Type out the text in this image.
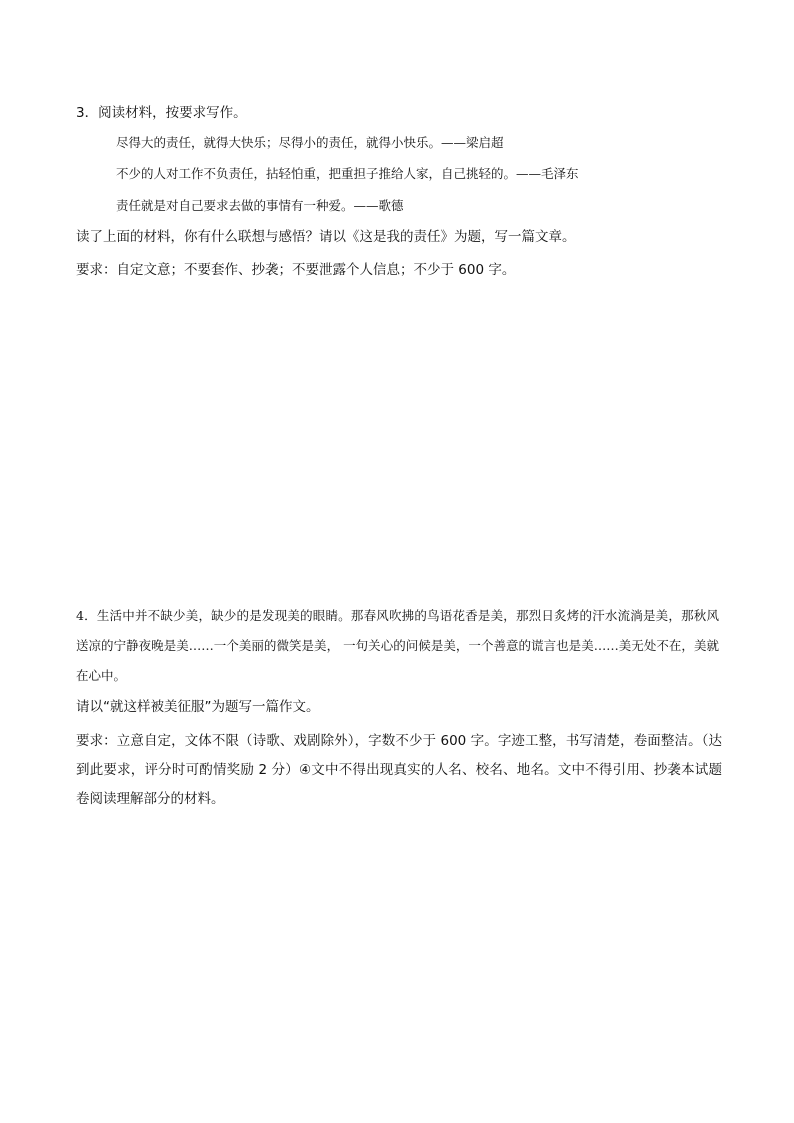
3．阅读材料，按要求写作。
尽得大的责任，就得大快乐；尽得小的责任，就得小快乐。——梁启超
不少的人对工作不负责任，拈轻怕重，把重担子推给人家，自己挑轻的。——毛泽东
责任就是对自己要求去做的事情有一种爱。——歌德
读了上面的材料，你有什么联想与感悟？请以《这是我的责任》为题，写一篇文章。
要求：自定文意；不要套作、抄袭；不要泄露个人信息；不少于 600 字。
4．生活中并不缺少美，缺少的是发现美的眼睛。那春风吹拂的鸟语花香是美，那烈日炙烤的汗水流淌是美，那秋风送凉的宁静夜晚是美……一个美丽的微笑是美， 一句关心的问候是美，一个善意的谎言也是美……美无处不在，美就在心中。
请以“就这样被美征服”为题写一篇作文。
要求：立意自定，文体不限（诗歌、戏剧除外），字数不少于 600 字。字迹工整，书写清楚，卷面整洁。（达到此要求，评分时可酌情奖励 2 分）④文中不得出现真实的人名、校名、地名。文中不得引用、抄袭本试题卷阅读理解部分的材料。
